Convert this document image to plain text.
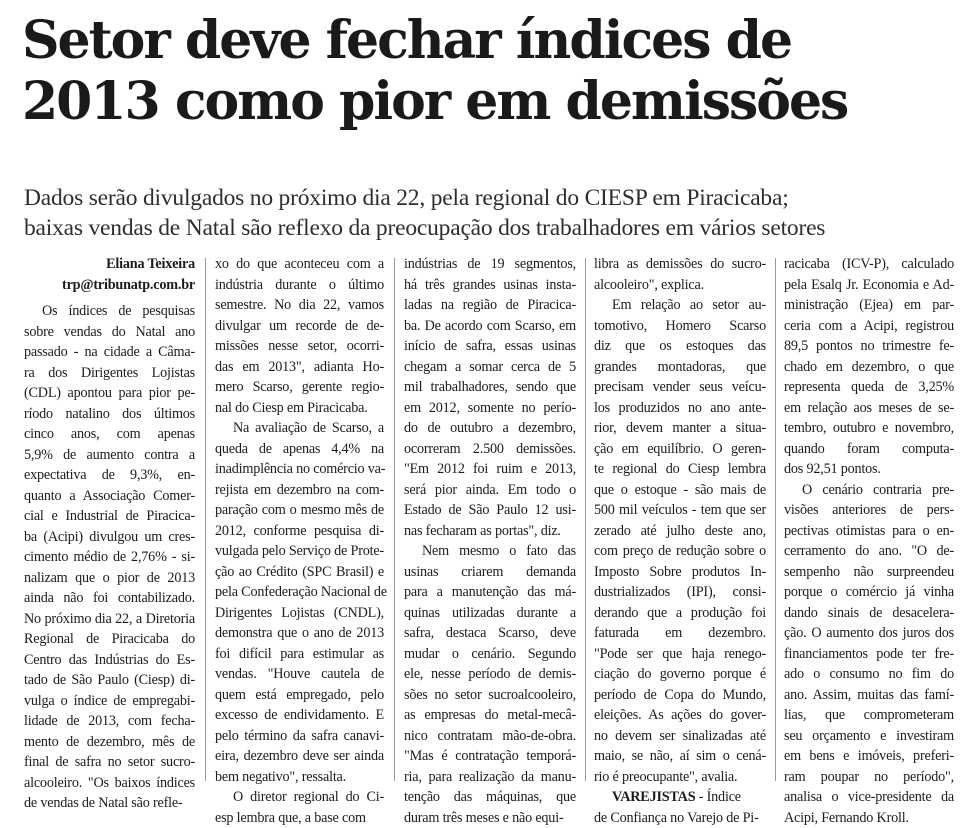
Setor deve fechar índices de
2013 como pior em demissões
Dados serão divulgados no próximo dia 22, pela regional do CIESP em Piracicaba;
baixas vendas de Natal são reflexo da preocupação dos trabalhadores em vários setores
Eliana Teixeira
trp@tribunatp.com.br

Os índices de pesquisas
sobre vendas do Natal ano
passado - na cidade a Câma-
ra dos Dirigentes Lojistas
(CDL) apontou para pior pe-
ríodo natalino dos últimos
cinco anos, com apenas
5,9% de aumento contra a
expectativa de 9,3%, en-
quanto a Associação Comer-
cial e Industrial de Piracica-
ba (Acipi) divulgou um cres-
cimento médio de 2,76% - si-
nalizam que o pior de 2013
ainda não foi contabilizado.
No próximo dia 22, a Diretoria
Regional de Piracicaba do
Centro das Indústrias do Es-
tado de São Paulo (Ciesp) di-
vulga o índice de empregabi-
lidade de 2013, com fecha-
mento de dezembro, mês de
final de safra no setor sucro-
alcooleiro. "Os baixos índices
de vendas de Natal são refle-

xo do que aconteceu com a
indústria durante o último
semestre. No dia 22, vamos
divulgar um recorde de de-
missões nesse setor, ocorri-
das em 2013", adianta Ho-
mero Scarso, gerente regio-
nal do Ciesp em Piracicaba.

Na avaliação de Scarso, a
queda de apenas 4,4% na
inadimplência no comércio va-
rejista em dezembro na com-
paração com o mesmo mês de
2012, conforme pesquisa di-
vulgada pelo Serviço de Prote-
ção ao Crédito (SPC Brasil) e
pela Confederação Nacional de
Dirigentes Lojistas (CNDL),
demonstra que o ano de 2013
foi difícil para estimular as
vendas. "Houve cautela de
quem está empregado, pelo
excesso de endividamento. E
pelo término da safra canavi-
eira, dezembro deve ser ainda
bem negativo", ressalta.

O diretor regional do Ci-
esp lembra que, a base com

indústrias de 19 segmentos,
há três grandes usinas insta-
ladas na região de Piracica-
ba. De acordo com Scarso, em
início de safra, essas usinas
chegam a somar cerca de 5
mil trabalhadores, sendo que
em 2012, somente no perío-
do de outubro a dezembro,
ocorreram 2.500 demissões.
"Em 2012 foi ruim e 2013,
será pior ainda. Em todo o
Estado de São Paulo 12 usi-
nas fecharam as portas", diz.

Nem mesmo o fato das
usinas criarem demanda
para a manutenção das má-
quinas utilizadas durante a
safra, destaca Scarso, deve
mudar o cenário. Segundo
ele, nesse período de demis-
sões no setor sucroalcooleiro,
as empresas do metal-mecâ-
nico contratam mão-de-obra.
"Mas é contratação temporá-
ria, para realização da manu-
tenção das máquinas, que
duram três meses e não equi-

libra as demissões do sucro-
alcooleiro", explica.

Em relação ao setor au-
tomotivo, Homero Scarso
diz que os estoques das
grandes montadoras, que
precisam vender seus veícu-
los produzidos no ano ante-
rior, devem manter a situa-
ção em equilíbrio. O geren-
te regional do Ciesp lembra
que o estoque - são mais de
500 mil veículos - tem que ser
zerado até julho deste ano,
com preço de redução sobre o
Imposto Sobre produtos In-
dustrializados (IPI), consi-
derando que a produção foi
faturada em dezembro.
"Pode ser que haja renego-
ciação do governo porque é
período de Copa do Mundo,
eleições. As ações do gover-
no devem ser sinalizadas até
maio, se não, aí sim o cená-
rio é preocupante", avalia.

VAREJISTAS - Índice
de Confiança no Varejo de Pi-

racicaba (ICV-P), calculado
pela Esalq Jr. Economia e Ad-
ministração (Ejea) em par-
ceria com a Acipi, registrou
89,5 pontos no trimestre fe-
chado em dezembro, o que
representa queda de 3,25%
em relação aos meses de se-
tembro, outubro e novembro,
quando foram computa-
dos 92,51 pontos.

O cenário contraria pre-
visões anteriores de pers-
pectivas otimistas para o en-
cerramento do ano. "O de-
sempenho não surpreendeu
porque o comércio já vinha
dando sinais de desacelera-
ção. O aumento dos juros dos
financiamentos pode ter fre-
ado o consumo no fim do
ano. Assim, muitas das famí-
lias, que comprometeram
seu orçamento e investiram
em bens e imóveis, preferi-
ram poupar no período",
analisa o vice-presidente da
Acipi, Fernando Kroll.
